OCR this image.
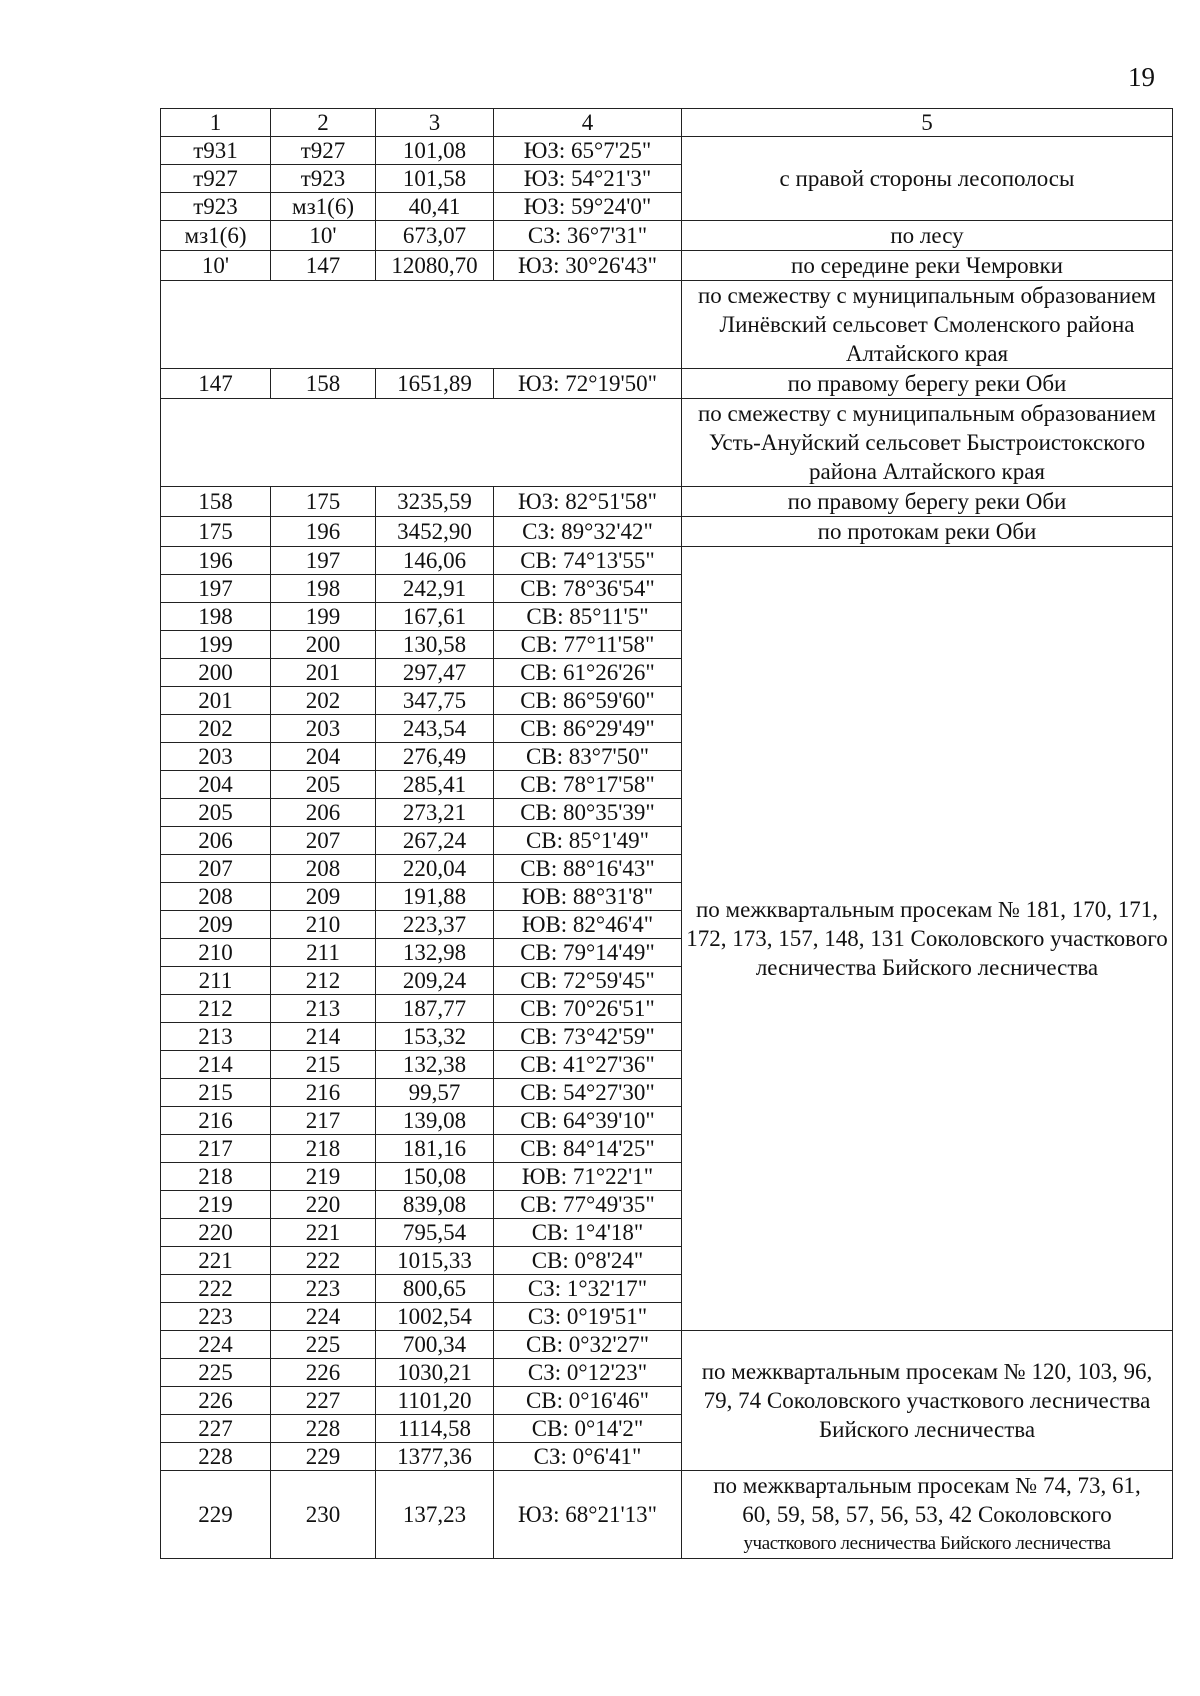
19
1	2	3	4	5
т931	т927	101,08	ЮЗ: 65°7'25"	с правой стороны лесополосы
т927	т923	101,58	ЮЗ: 54°21'3"	
т923	мз1(6)	40,41	ЮЗ: 59°24'0"	
мз1(6)	10'	673,07	СЗ: 36°7'31"	по лесу
10'	147	12080,70	ЮЗ: 30°26'43"	по середине реки Чемровки
				по смежеству с муниципальным образованием Линёвский сельсовет Смоленского района Алтайского края
147	158	1651,89	ЮЗ: 72°19'50"	по правому берегу реки Оби
				по смежеству с муниципальным образованием Усть-Ануйский сельсовет Быстроистокского района Алтайского края
158	175	3235,59	ЮЗ: 82°51'58"	по правому берегу реки Оби
175	196	3452,90	СЗ: 89°32'42"	по протокам реки Оби
196	197	146,06	СВ: 74°13'55"	по межквартальным просекам № 181, 170, 171, 172, 173, 157, 148, 131 Соколовского участкового лесничества Бийского лесничества
197	198	242,91	СВ: 78°36'54"	
198	199	167,61	СВ: 85°11'5"	
199	200	130,58	СВ: 77°11'58"	
200	201	297,47	СВ: 61°26'26"	
201	202	347,75	СВ: 86°59'60"	
202	203	243,54	СВ: 86°29'49"	
203	204	276,49	СВ: 83°7'50"	
204	205	285,41	СВ: 78°17'58"	
205	206	273,21	СВ: 80°35'39"	
206	207	267,24	СВ: 85°1'49"	
207	208	220,04	СВ: 88°16'43"	
208	209	191,88	ЮВ: 88°31'8"	
209	210	223,37	ЮВ: 82°46'4"	
210	211	132,98	СВ: 79°14'49"	
211	212	209,24	СВ: 72°59'45"	
212	213	187,77	СВ: 70°26'51"	
213	214	153,32	СВ: 73°42'59"	
214	215	132,38	СВ: 41°27'36"	
215	216	99,57	СВ: 54°27'30"	
216	217	139,08	СВ: 64°39'10"	
217	218	181,16	СВ: 84°14'25"	
218	219	150,08	ЮВ: 71°22'1"	
219	220	839,08	СВ: 77°49'35"	
220	221	795,54	СВ: 1°4'18"	
221	222	1015,33	СВ: 0°8'24"	
222	223	800,65	СЗ: 1°32'17"	
223	224	1002,54	СЗ: 0°19'51"	
224	225	700,34	СВ: 0°32'27"	по межквартальным просекам № 120, 103, 96, 79, 74 Соколовского участкового лесничества Бийского лесничества
225	226	1030,21	СЗ: 0°12'23"	
226	227	1101,20	СВ: 0°16'46"	
227	228	1114,58	СВ: 0°14'2"	
228	229	1377,36	СЗ: 0°6'41"	
229	230	137,23	ЮЗ: 68°21'13"	по межквартальным просекам № 74, 73, 61,
60, 59, 58, 57, 56, 53, 42 Соколовского
участкового лесничества Бийского лесничества
